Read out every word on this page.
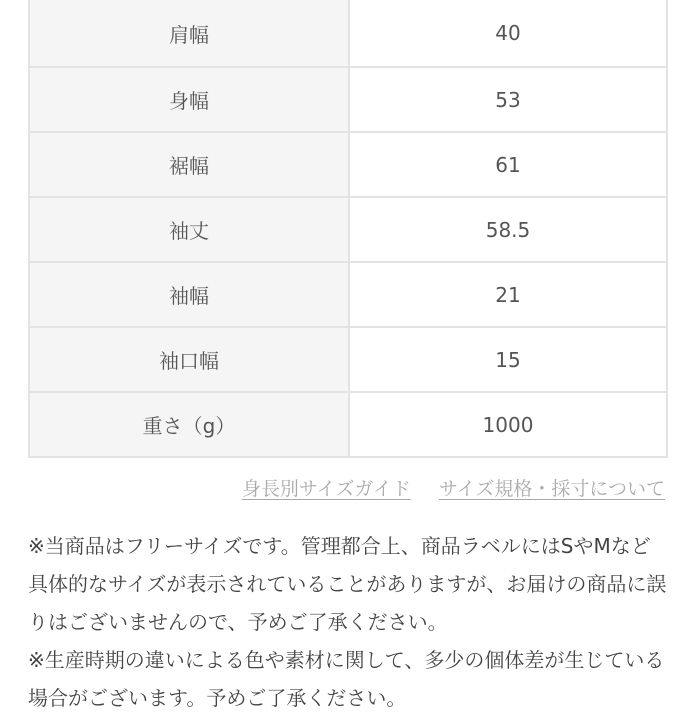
肩幅	40
身幅	53
裾幅	61
袖丈	58.5
袖幅	21
袖口幅	15
重さ（g）	1000
身長別サイズガイド サイズ規格・採寸について

※当商品はフリーサイズです。管理都合上、商品ラベルにはSやMなど具体的なサイズが表示されていることがありますが、お届けの商品に誤りはございませんので、予めご了承ください。

※生産時期の違いによる色や素材に関して、多少の個体差が生じている場合がございます。予めご了承ください。
